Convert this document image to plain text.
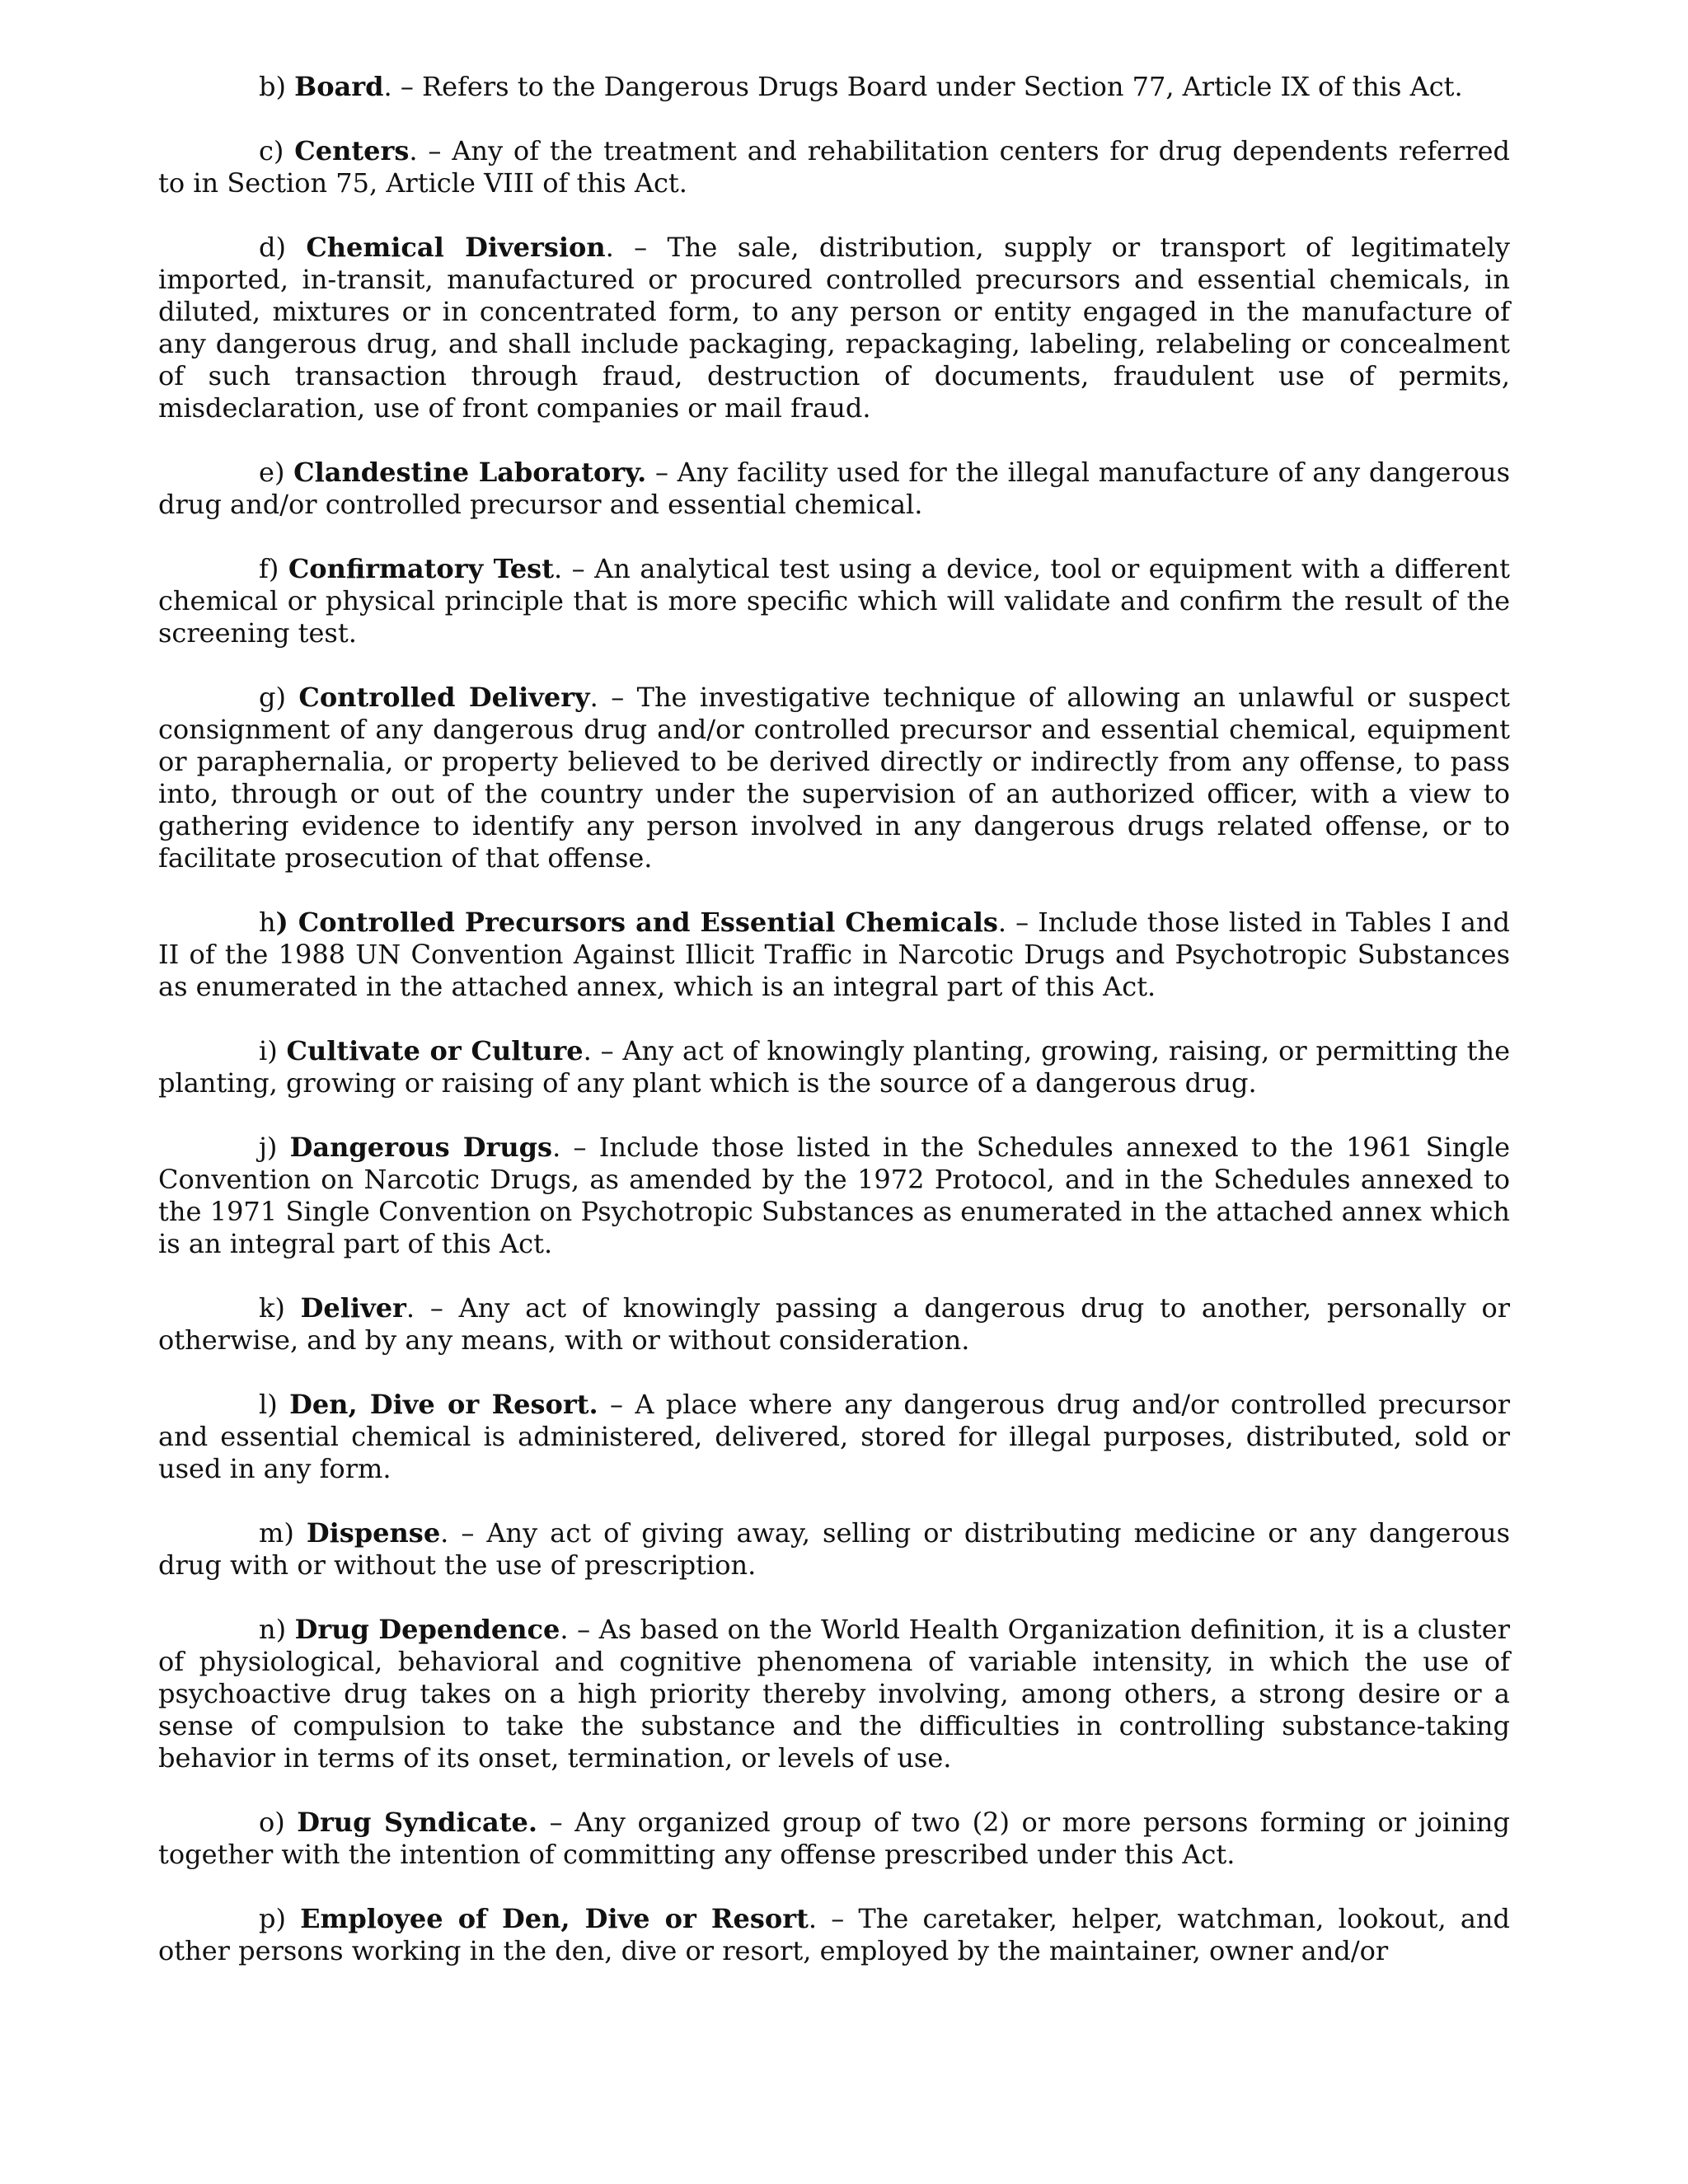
b) Board. – Refers to the Dangerous Drugs Board under Section 77, Article IX of this Act.

c) Centers. – Any of the treatment and rehabilitation centers for drug dependents referred to in Section 75, Article VIII of this Act.

d) Chemical Diversion. – The sale, distribution, supply or transport of legitimately imported, in-transit, manufactured or procured controlled precursors and essential chemicals, in diluted, mixtures or in concentrated form, to any person or entity engaged in the manufacture of any dangerous drug, and shall include packaging, repackaging, labeling, relabeling or concealment of such transaction through fraud, destruction of documents, fraudulent use of permits, misdeclaration, use of front companies or mail fraud.

e) Clandestine Laboratory. – Any facility used for the illegal manufacture of any dangerous drug and/or controlled precursor and essential chemical.

f) Confirmatory Test. – An analytical test using a device, tool or equipment with a different chemical or physical principle that is more specific which will validate and confirm the result of the screening test.

g) Controlled Delivery. – The investigative technique of allowing an unlawful or suspect consignment of any dangerous drug and/or controlled precursor and essential chemical, equipment or paraphernalia, or property believed to be derived directly or indirectly from any offense, to pass into, through or out of the country under the supervision of an authorized officer, with a view to gathering evidence to identify any person involved in any dangerous drugs related offense, or to facilitate prosecution of that offense.

h) Controlled Precursors and Essential Chemicals. – Include those listed in Tables I and II of the 1988 UN Convention Against Illicit Traffic in Narcotic Drugs and Psychotropic Substances as enumerated in the attached annex, which is an integral part of this Act.

i) Cultivate or Culture. – Any act of knowingly planting, growing, raising, or permitting the planting, growing or raising of any plant which is the source of a dangerous drug.

j) Dangerous Drugs. – Include those listed in the Schedules annexed to the 1961 Single Convention on Narcotic Drugs, as amended by the 1972 Protocol, and in the Schedules annexed to the 1971 Single Convention on Psychotropic Substances as enumerated in the attached annex which is an integral part of this Act.

k) Deliver. – Any act of knowingly passing a dangerous drug to another, personally or otherwise, and by any means, with or without consideration.

l) Den, Dive or Resort. – A place where any dangerous drug and/or controlled precursor and essential chemical is administered, delivered, stored for illegal purposes, distributed, sold or used in any form.

m) Dispense. – Any act of giving away, selling or distributing medicine or any dangerous drug with or without the use of prescription.

n) Drug Dependence. – As based on the World Health Organization definition, it is a cluster of physiological, behavioral and cognitive phenomena of variable intensity, in which the use of psychoactive drug takes on a high priority thereby involving, among others, a strong desire or a sense of compulsion to take the substance and the difficulties in controlling substance-taking behavior in terms of its onset, termination, or levels of use.

o) Drug Syndicate. – Any organized group of two (2) or more persons forming or joining together with the intention of committing any offense prescribed under this Act.

p) Employee of Den, Dive or Resort. – The caretaker, helper, watchman, lookout, and other persons working in the den, dive or resort, employed by the maintainer, owner and/or
